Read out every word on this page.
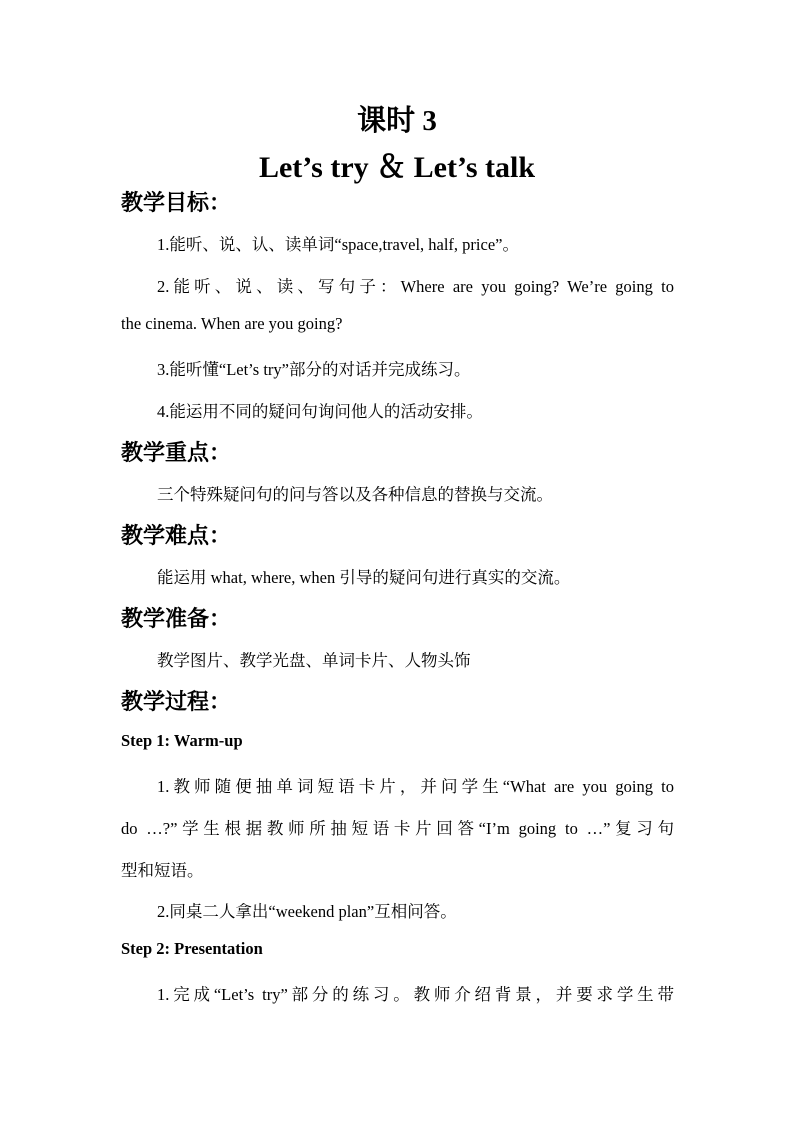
课时 3
Let’s try ＆ Let’s talk
教学目标：
1.能听、说、认、读单词“space,travel, half, price”。
2.能听、说、读、写句子：Where are you going? We’re going to
the cinema. When are you going?
3.能听懂“Let’s try”部分的对话并完成练习。
4.能运用不同的疑问句询问他人的活动安排。
教学重点：
三个特殊疑问句的问与答以及各种信息的替换与交流。
教学难点：
能运用 what, where, when 引导的疑问句进行真实的交流。
教学准备：
教学图片、教学光盘、单词卡片、人物头饰
教学过程：
Step 1: Warm-up
1.教师随便抽单词短语卡片，并问学生“What are you going to
do …?”学生根据教师所抽短语卡片回答“I’m going to …”复习句
型和短语。
2.同桌二人拿出“weekend plan”互相问答。
Step 2: Presentation
1.完成“Let’s try”部分的练习。教师介绍背景，并要求学生带
